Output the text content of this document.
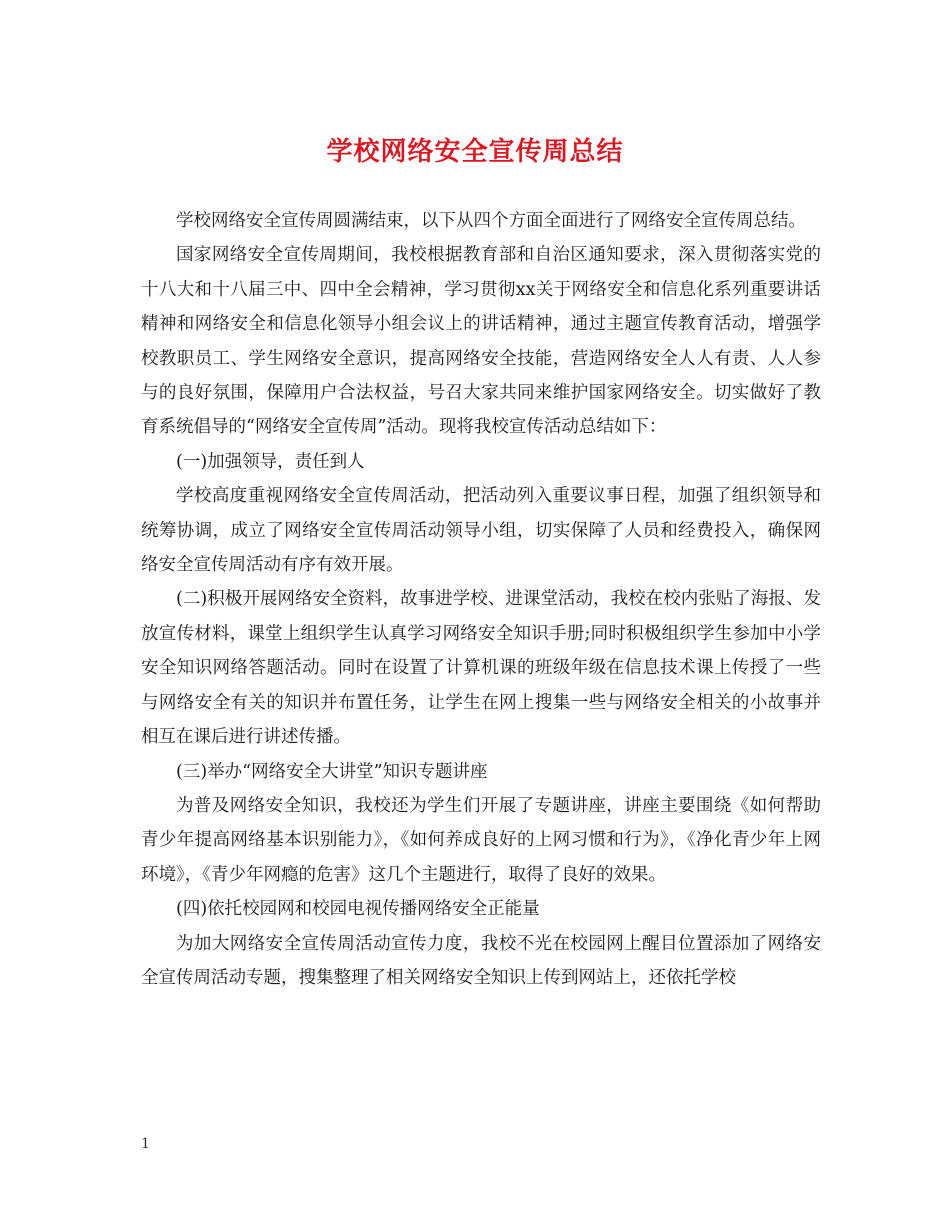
学校网络安全宣传周总结

学校网络安全宣传周圆满结束，以下从四个方面全面进行了网络安全宣传周总结。

国家网络安全宣传周期间，我校根据教育部和自治区通知要求，深入贯彻落实党的十八大和十八届三中、四中全会精神，学习贯彻xx关于网络安全和信息化系列重要讲话精神和网络安全和信息化领导小组会议上的讲话精神，通过主题宣传教育活动，增强学校教职员工、学生网络安全意识，提高网络安全技能，营造网络安全人人有责、人人参与的良好氛围，保障用户合法权益，号召大家共同来维护国家网络安全。切实做好了教育系统倡导的“网络安全宣传周”活动。现将我校宣传活动总结如下：

(一)加强领导，责任到人

学校高度重视网络安全宣传周活动，把活动列入重要议事日程，加强了组织领导和统筹协调，成立了网络安全宣传周活动领导小组，切实保障了人员和经费投入，确保网络安全宣传周活动有序有效开展。

(二)积极开展网络安全资料，故事进学校、进课堂活动，我校在校内张贴了海报、发放宣传材料，课堂上组织学生认真学习网络安全知识手册;同时积极组织学生参加中小学安全知识网络答题活动。同时在设置了计算机课的班级年级在信息技术课上传授了一些与网络安全有关的知识并布置任务，让学生在网上搜集一些与网络安全相关的小故事并相互在课后进行讲述传播。

(三)举办“网络安全大讲堂”知识专题讲座

为普及网络安全知识，我校还为学生们开展了专题讲座，讲座主要围绕《如何帮助青少年提高网络基本识别能力》，《如何养成良好的上网习惯和行为》，《净化青少年上网环境》，《青少年网瘾的危害》这几个主题进行，取得了良好的效果。

(四)依托校园网和校园电视传播网络安全正能量

为加大网络安全宣传周活动宣传力度，我校不光在校园网上醒目位置添加了网络安全宣传周活动专题，搜集整理了相关网络安全知识上传到网站上，还依托学校

1
